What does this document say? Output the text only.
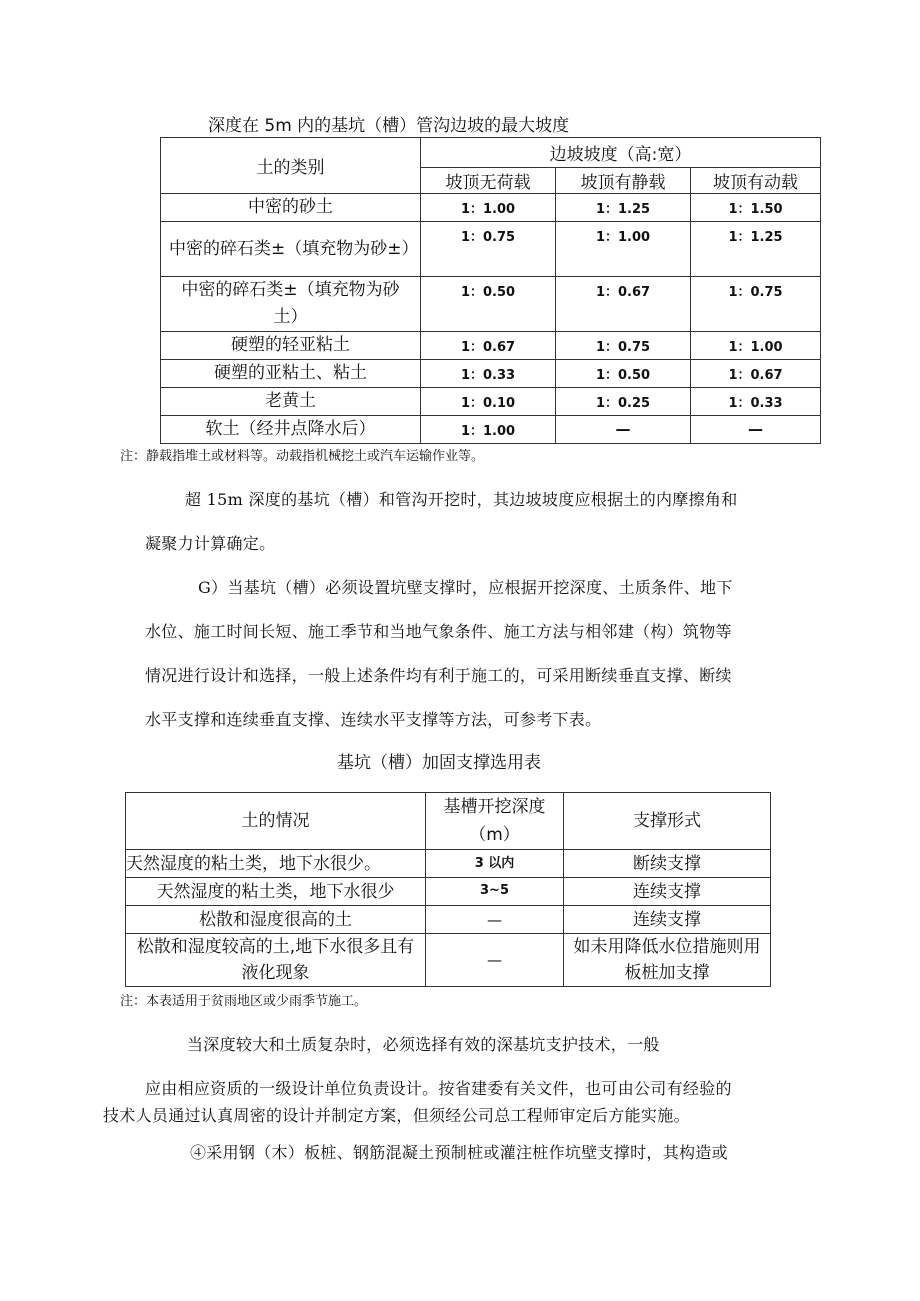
深度在 5m 内的基坑（槽）管沟边坡的最大坡度
土的类别	边坡坡度（高:宽）		
	坡顶无荷载	坡顶有静载	坡顶有动载
中密的砂土	1：1.00	1：1.25	1：1.50
中密的碎石类±（填充物为砂±）	1：0.75	1：1.00	1：1.25
中密的碎石类±（填充物为砂土）	1：0.50	1：0.67	1：0.75
硬塑的轻亚粘土	1：0.67	1：0.75	1：1.00
硬塑的亚粘土、粘土	1：0.33	1：0.50	1：0.67
老黄土	1：0.10	1：0.25	1：0.33
软土（经井点降水后）	1：1.00	—	—
注：静载指堆土或材料等。动载指机械挖土或汽车运输作业等。
超 15m 深度的基坑（槽）和管沟开挖时，其边坡坡度应根据土的内摩擦角和
凝聚力计算确定。
G）当基坑（槽）必须设置坑壁支撑时，应根据开挖深度、土质条件、地下
水位、施工时间长短、施工季节和当地气象条件、施工方法与相邻建（构）筑物等
情况进行设计和选择，一般上述条件均有利于施工的，可采用断续垂直支撑、断续
水平支撑和连续垂直支撑、连续水平支撑等方法，可参考下表。
基坑（槽）加固支撑选用表
土的情况	基槽开挖深度（m）	支撑形式
天然湿度的粘土类，地下水很少。	3 以内	断续支撑
天然湿度的粘土类，地下水很少	3~5	连续支撑
松散和湿度很高的土	—	连续支撑
松散和湿度较高的土,地下水很多且有液化现象	—	如未用降低水位措施则用板桩加支撑
注：本表适用于贫雨地区或少雨季节施工。
当深度较大和土质复杂时，必须选择有效的深基坑支护技术，一般
应由相应资质的一级设计单位负责设计。按省建委有关文件，也可由公司有经验的
技术人员通过认真周密的设计并制定方案，但须经公司总工程师审定后方能实施。
④采用钢（木）板桩、钢筋混凝土预制桩或灌注桩作坑壁支撑时，其构造或
